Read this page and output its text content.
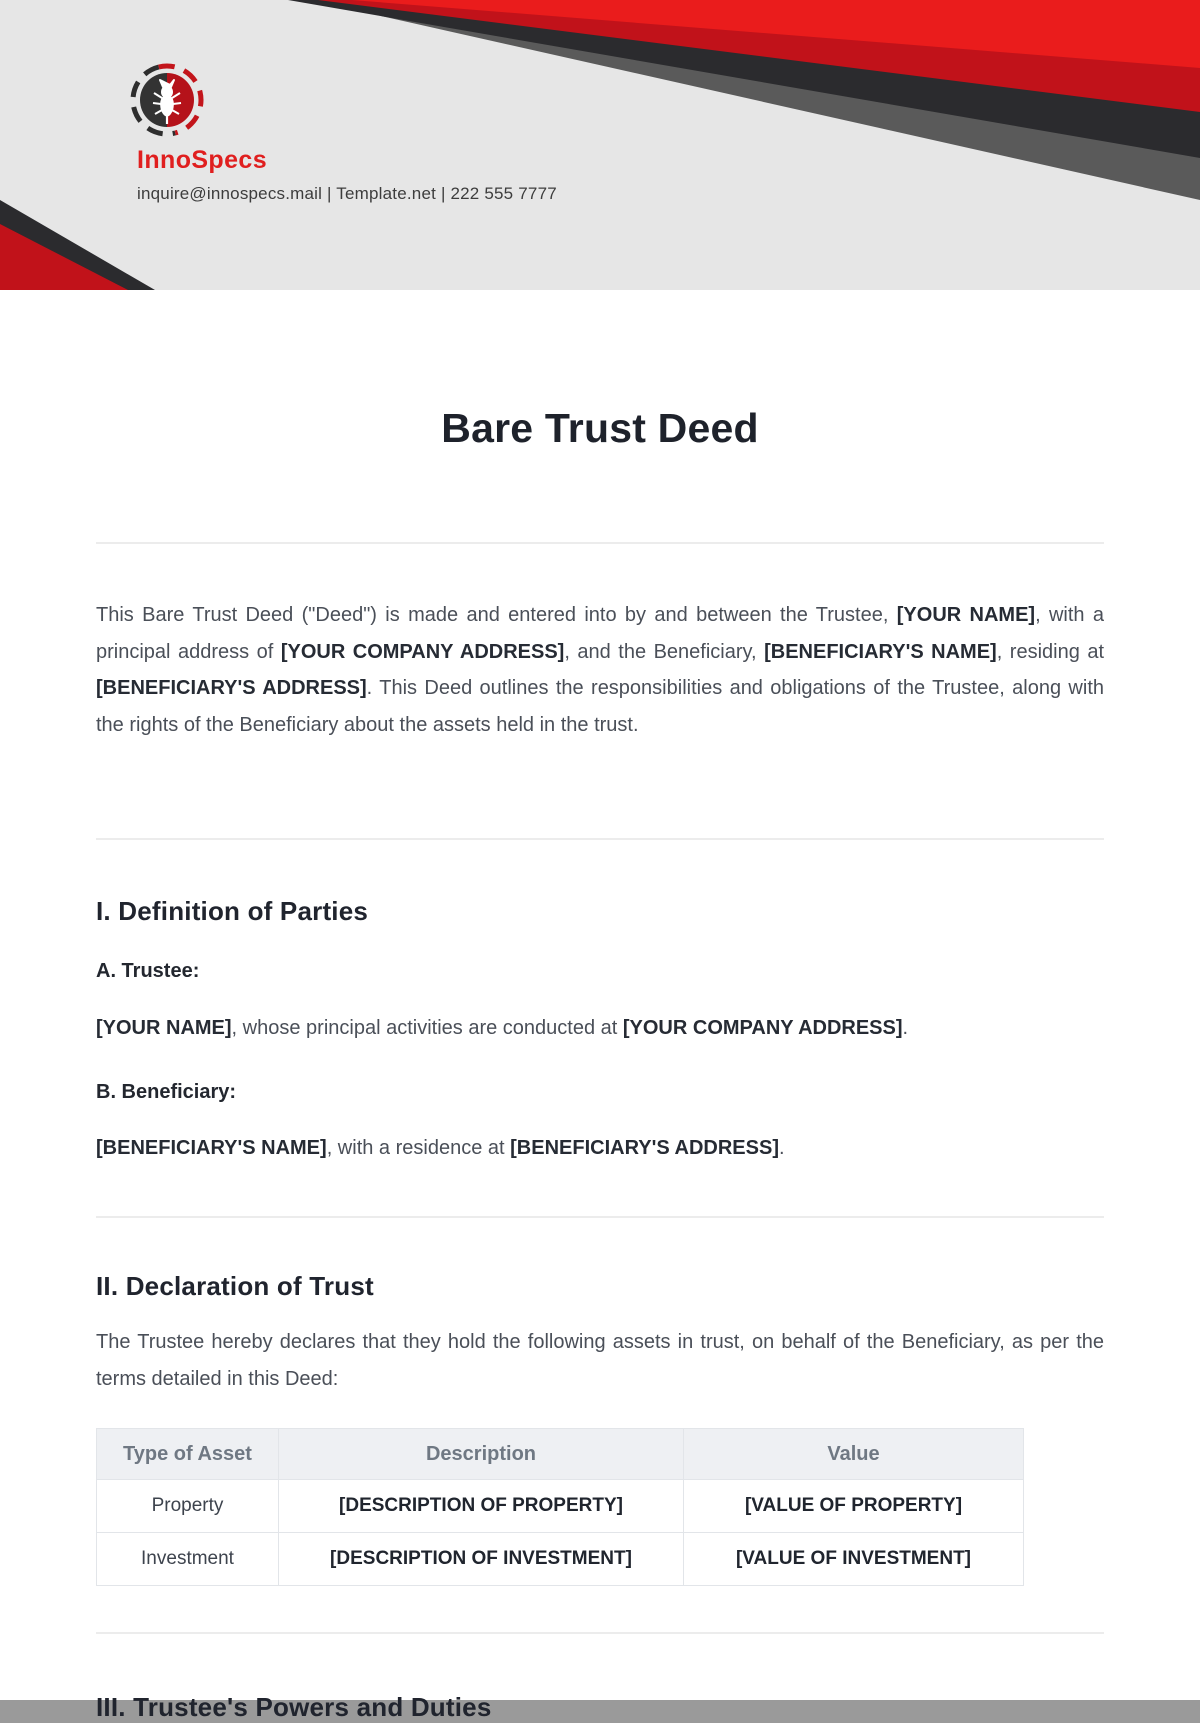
InnoSpecs
inquire@innospecs.mail | Template.net | 222 555 7777
Bare Trust Deed
This Bare Trust Deed ("Deed") is made and entered into by and between the Trustee, [YOUR NAME], with a principal address of [YOUR COMPANY ADDRESS], and the Beneficiary, [BENEFICIARY'S NAME], residing at [BENEFICIARY'S ADDRESS]. This Deed outlines the responsibilities and obligations of the Trustee, along with the rights of the Beneficiary about the assets held in the trust.
I. Definition of Parties
A. Trustee:
[YOUR NAME], whose principal activities are conducted at [YOUR COMPANY ADDRESS].
B. Beneficiary:
[BENEFICIARY'S NAME], with a residence at [BENEFICIARY'S ADDRESS].
II. Declaration of Trust
The Trustee hereby declares that they hold the following assets in trust, on behalf of the Beneficiary, as per the terms detailed in this Deed:
Type of Asset	Description	Value
Property	[DESCRIPTION OF PROPERTY]	[VALUE OF PROPERTY]
Investment	[DESCRIPTION OF INVESTMENT]	[VALUE OF INVESTMENT]
III. Trustee's Powers and Duties
